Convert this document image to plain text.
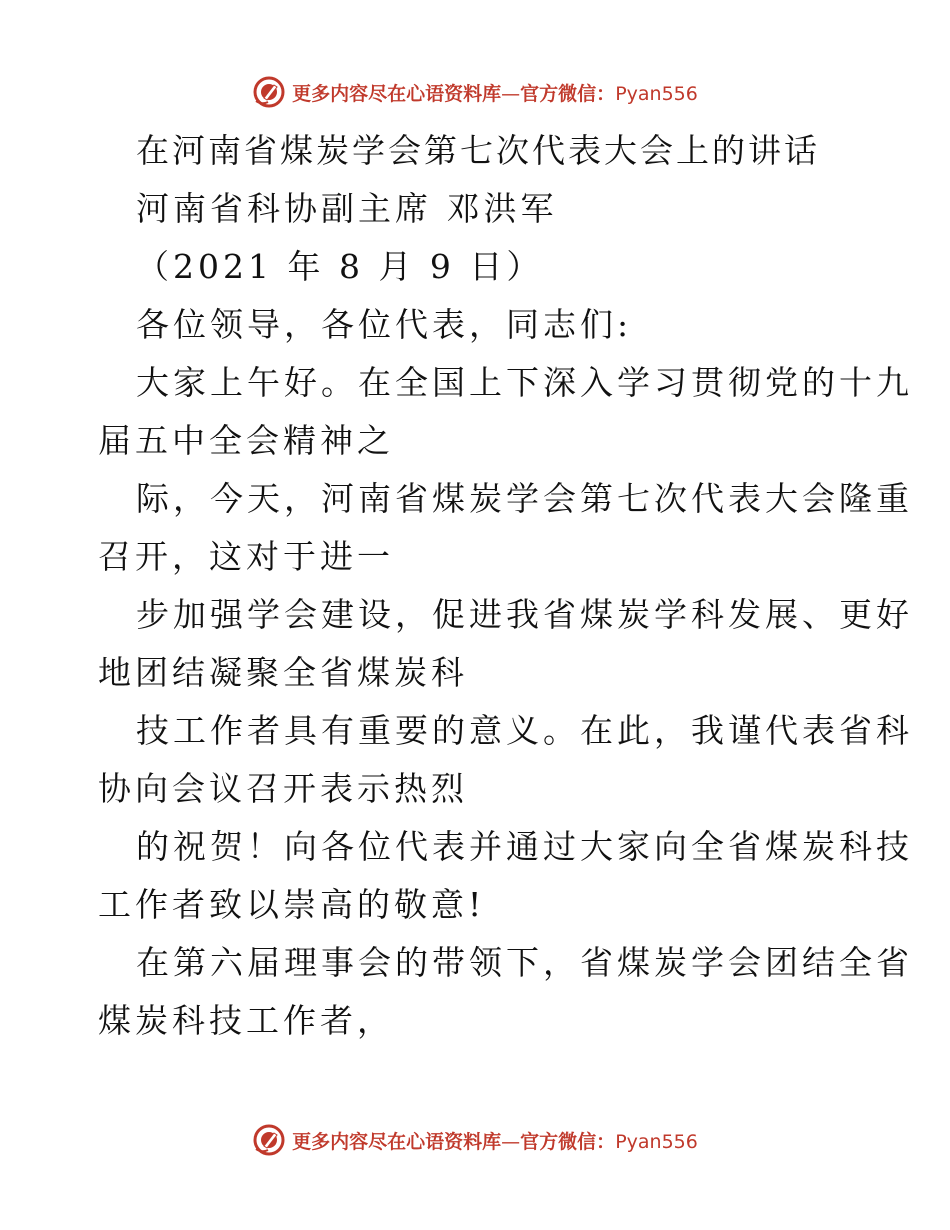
更多内容尽在心语资料库—官方微信：Pyan556
在河南省煤炭学会第七次代表大会上的讲话
河南省科协副主席 邓洪军
（2021 年 8 月 9 日）
各位领导，各位代表，同志们:
大家上午好。在全国上下深入学习贯彻党的十九
届五中全会精神之
际，今天，河南省煤炭学会第七次代表大会隆重
召开，这对于进一
步加强学会建设，促进我省煤炭学科发展、更好
地团结凝聚全省煤炭科
技工作者具有重要的意义。在此，我谨代表省科
协向会议召开表示热烈
的祝贺！向各位代表并通过大家向全省煤炭科技
工作者致以崇高的敬意!
在第六届理事会的带领下，省煤炭学会团结全省
煤炭科技工作者，
更多内容尽在心语资料库—官方微信：Pyan556
